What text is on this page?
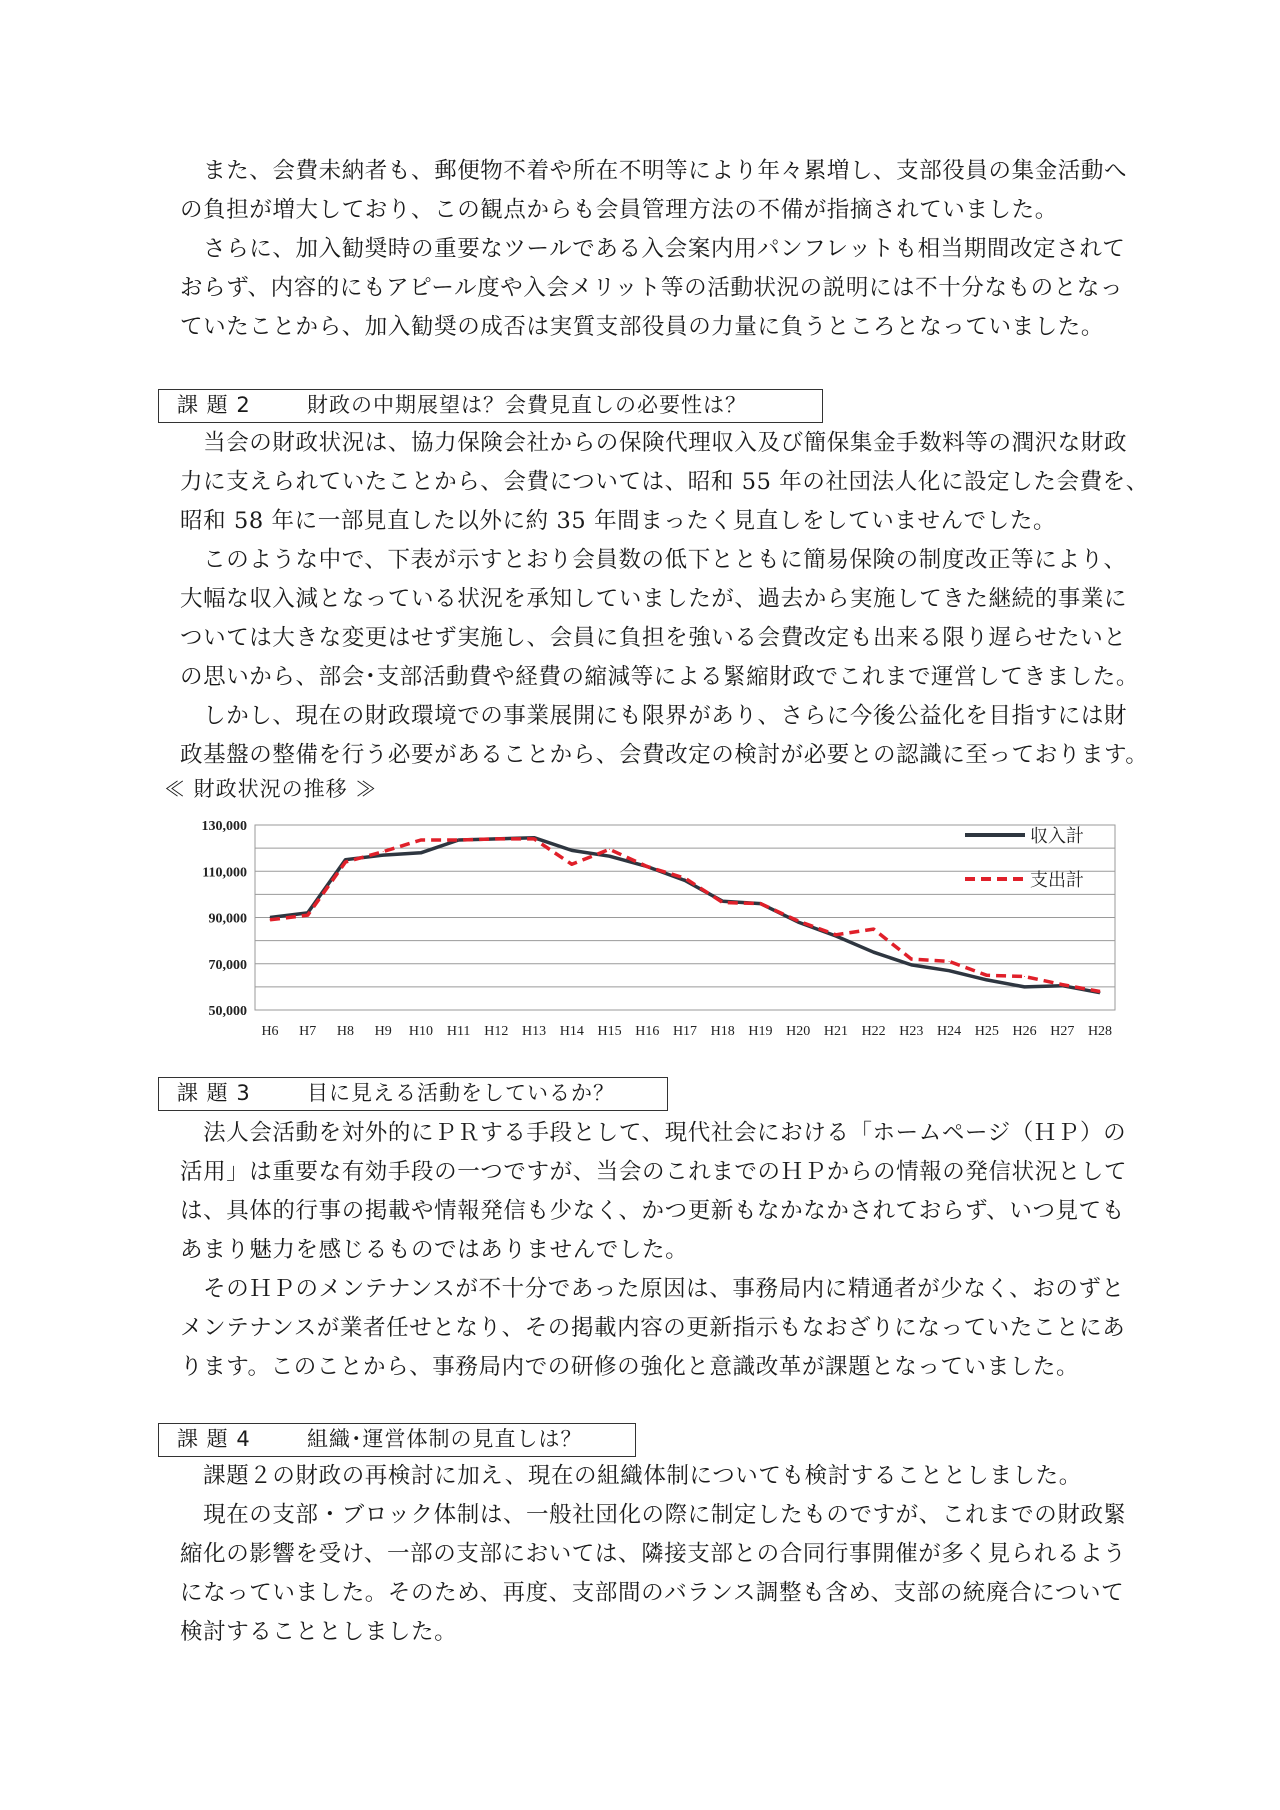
　また、会費未納者も、郵便物不着や所在不明等により年々累増し、支部役員の集金活動へ
の負担が増大しており、この観点からも会員管理方法の不備が指摘されていました。
　さらに、加入勧奨時の重要なツールである入会案内用パンフレットも相当期間改定されて
おらず、内容的にもアピール度や入会メリット等の活動状況の説明には不十分なものとなっ
ていたことから、加入勧奨の成否は実質支部役員の力量に負うところとなっていました。

課 題 2	財政の中期展望は？会費見直しの必要性は？

　当会の財政状況は、協力保険会社からの保険代理収入及び簡保集金手数料等の潤沢な財政
力に支えられていたことから、会費については、昭和 55 年の社団法人化に設定した会費を、
昭和 58 年に一部見直した以外に約 35 年間まったく見直しをしていませんでした。
　このような中で、下表が示すとおり会員数の低下とともに簡易保険の制度改正等により、
大幅な収入減となっている状況を承知していましたが、過去から実施してきた継続的事業に
ついては大きな変更はせず実施し、会員に負担を強いる会費改定も出来る限り遅らせたいと
の思いから、部会･支部活動費や経費の縮減等による緊縮財政でこれまで運営してきました。
　しかし、現在の財政環境での事業展開にも限界があり、さらに今後公益化を目指すには財
政基盤の整備を行う必要があることから、会費改定の検討が必要との認識に至っております。

≪ 財政状況の推移 ≫
130,000
110,000
90,000
70,000
50,000
H6 H7 H8 H9 H10 H11 H12 H13 H14 H15 H16 H17 H18 H19 H20 H21 H22 H23 H24 H25 H26 H27 H28
収入計
支出計
課 題 3	目に見える活動をしているか？

　法人会活動を対外的にＰＲする手段として、現代社会における「ホームページ（ＨＰ）の
活用」は重要な有効手段の一つですが、当会のこれまでのＨＰからの情報の発信状況として
は、具体的行事の掲載や情報発信も少なく、かつ更新もなかなかされておらず、いつ見ても
あまり魅力を感じるものではありませんでした。
　そのＨＰのメンテナンスが不十分であった原因は、事務局内に精通者が少なく、おのずと
メンテナンスが業者任せとなり、その掲載内容の更新指示もなおざりになっていたことにあ
ります。このことから、事務局内での研修の強化と意識改革が課題となっていました。

課 題 4	組織･運営体制の見直しは？

　課題２の財政の再検討に加え、現在の組織体制についても検討することとしました。
　現在の支部・ブロック体制は、一般社団化の際に制定したものですが、これまでの財政緊
縮化の影響を受け、一部の支部においては、隣接支部との合同行事開催が多く見られるよう
になっていました。そのため、再度、支部間のバランス調整も含め、支部の統廃合について
検討することとしました。
